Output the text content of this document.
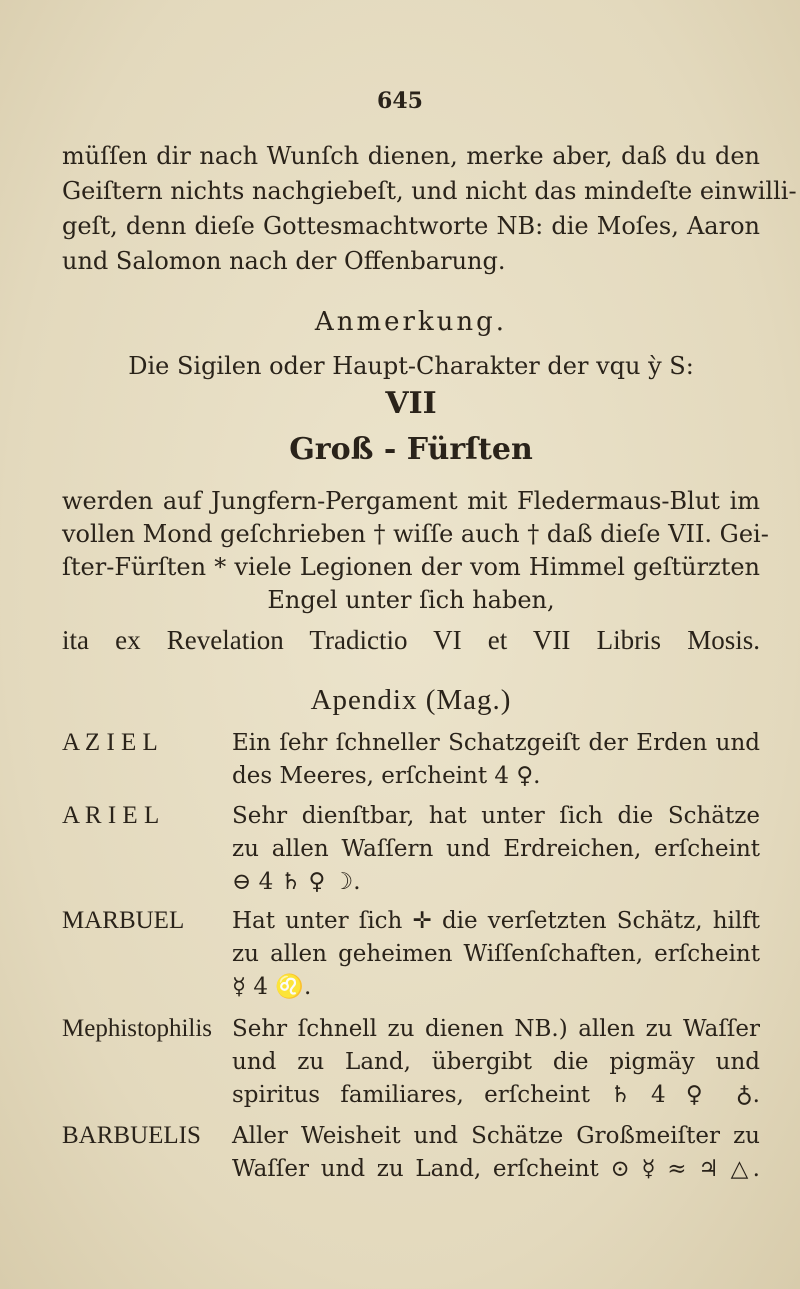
645
müſſen dir nach Wunſch dienen, merke aber, daß du den
Geiſtern nichts nachgiebeſt, und nicht das mindeſte einwilli-
geſt, denn dieſe Gottesmachtworte NB: die Moſes, Aaron
und Salomon nach der Offenbarung.
Anmerkung.
Die Sigilen oder Haupt-Charakter der vqu ỳ S:
VII
Groß - Fürſten
werden auf Jungfern-Pergament mit Fledermaus-Blut im
vollen Mond geſchrieben † wiſſe auch † daß dieſe VII. Gei-
ſter-Fürſten * viele Legionen der vom Himmel geſtürzten
Engel unter ſich haben,
ita ex Revelation Tradictio VI et VII Libris Mosis.
Apendix (Mag.)
A Z I E L	Ein ſehr ſchneller Schatzgeiſt der Erden und
des Meeres, erſcheint 4 ♀.
A R I E L	Sehr dienſtbar, hat unter ſich die Schätze
zu allen Waſſern und Erdreichen, erſcheint
⊖ 4 ♄ ♀ ☽.
MARBUEL Hat unter ſich ✛ die verſetzten Schätz, hilft
zu allen geheimen Wiſſenſchaften, erſcheint
☿ 4 ♌.
Mephistophilis Sehr ſchnell zu dienen NB.) allen zu Waſſer
und zu Land, übergibt die pigmäy und
spiritus familiares, erſcheint ♄ 4 ♀ ♁.
BARBUELIS Aller Weisheit und Schätze Großmeiſter zu
Waſſer und zu Land, erſcheint ⊙ ☿ ≈ ♃ △.
